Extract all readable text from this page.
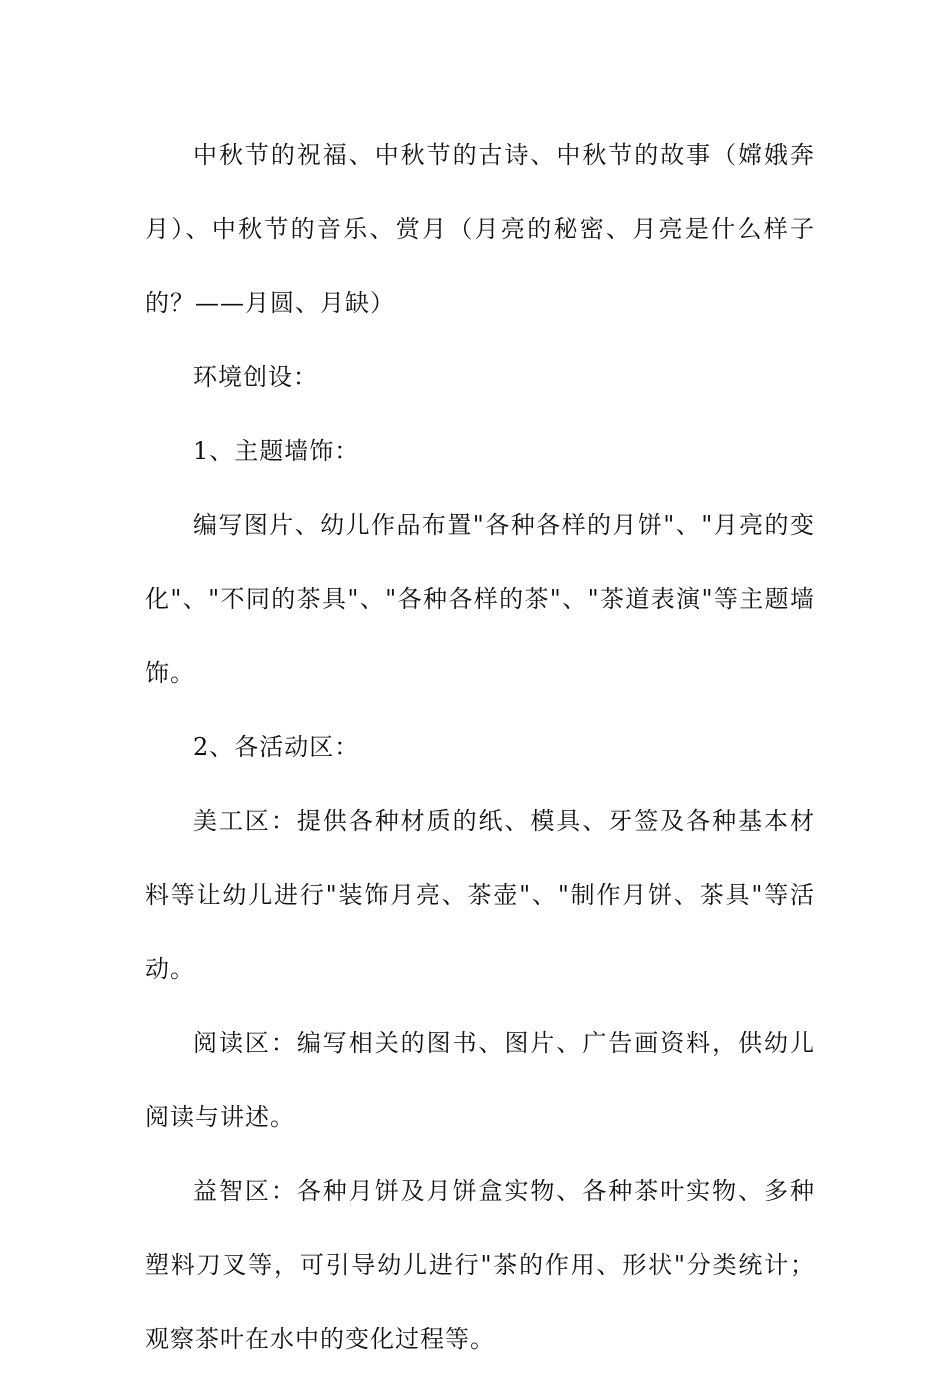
中秋节的祝福、中秋节的古诗、中秋节的故事（嫦娥奔月）、中秋节的音乐、赏月（月亮的秘密、月亮是什么样子的？——月圆、月缺）

环境创设：

1、主题墙饰：

编写图片、幼儿作品布置"各种各样的月饼"、"月亮的变化"、"不同的茶具"、"各种各样的茶"、"茶道表演"等主题墙饰。

2、各活动区：

美工区：提供各种材质的纸、模具、牙签及各种基本材料等让幼儿进行"装饰月亮、茶壶"、"制作月饼、茶具"等活动。

阅读区：编写相关的图书、图片、广告画资料，供幼儿阅读与讲述。

益智区：各种月饼及月饼盒实物、各种茶叶实物、多种塑料刀叉等，可引导幼儿进行"茶的作用、形状"分类统计；观察茶叶在水中的变化过程等。
